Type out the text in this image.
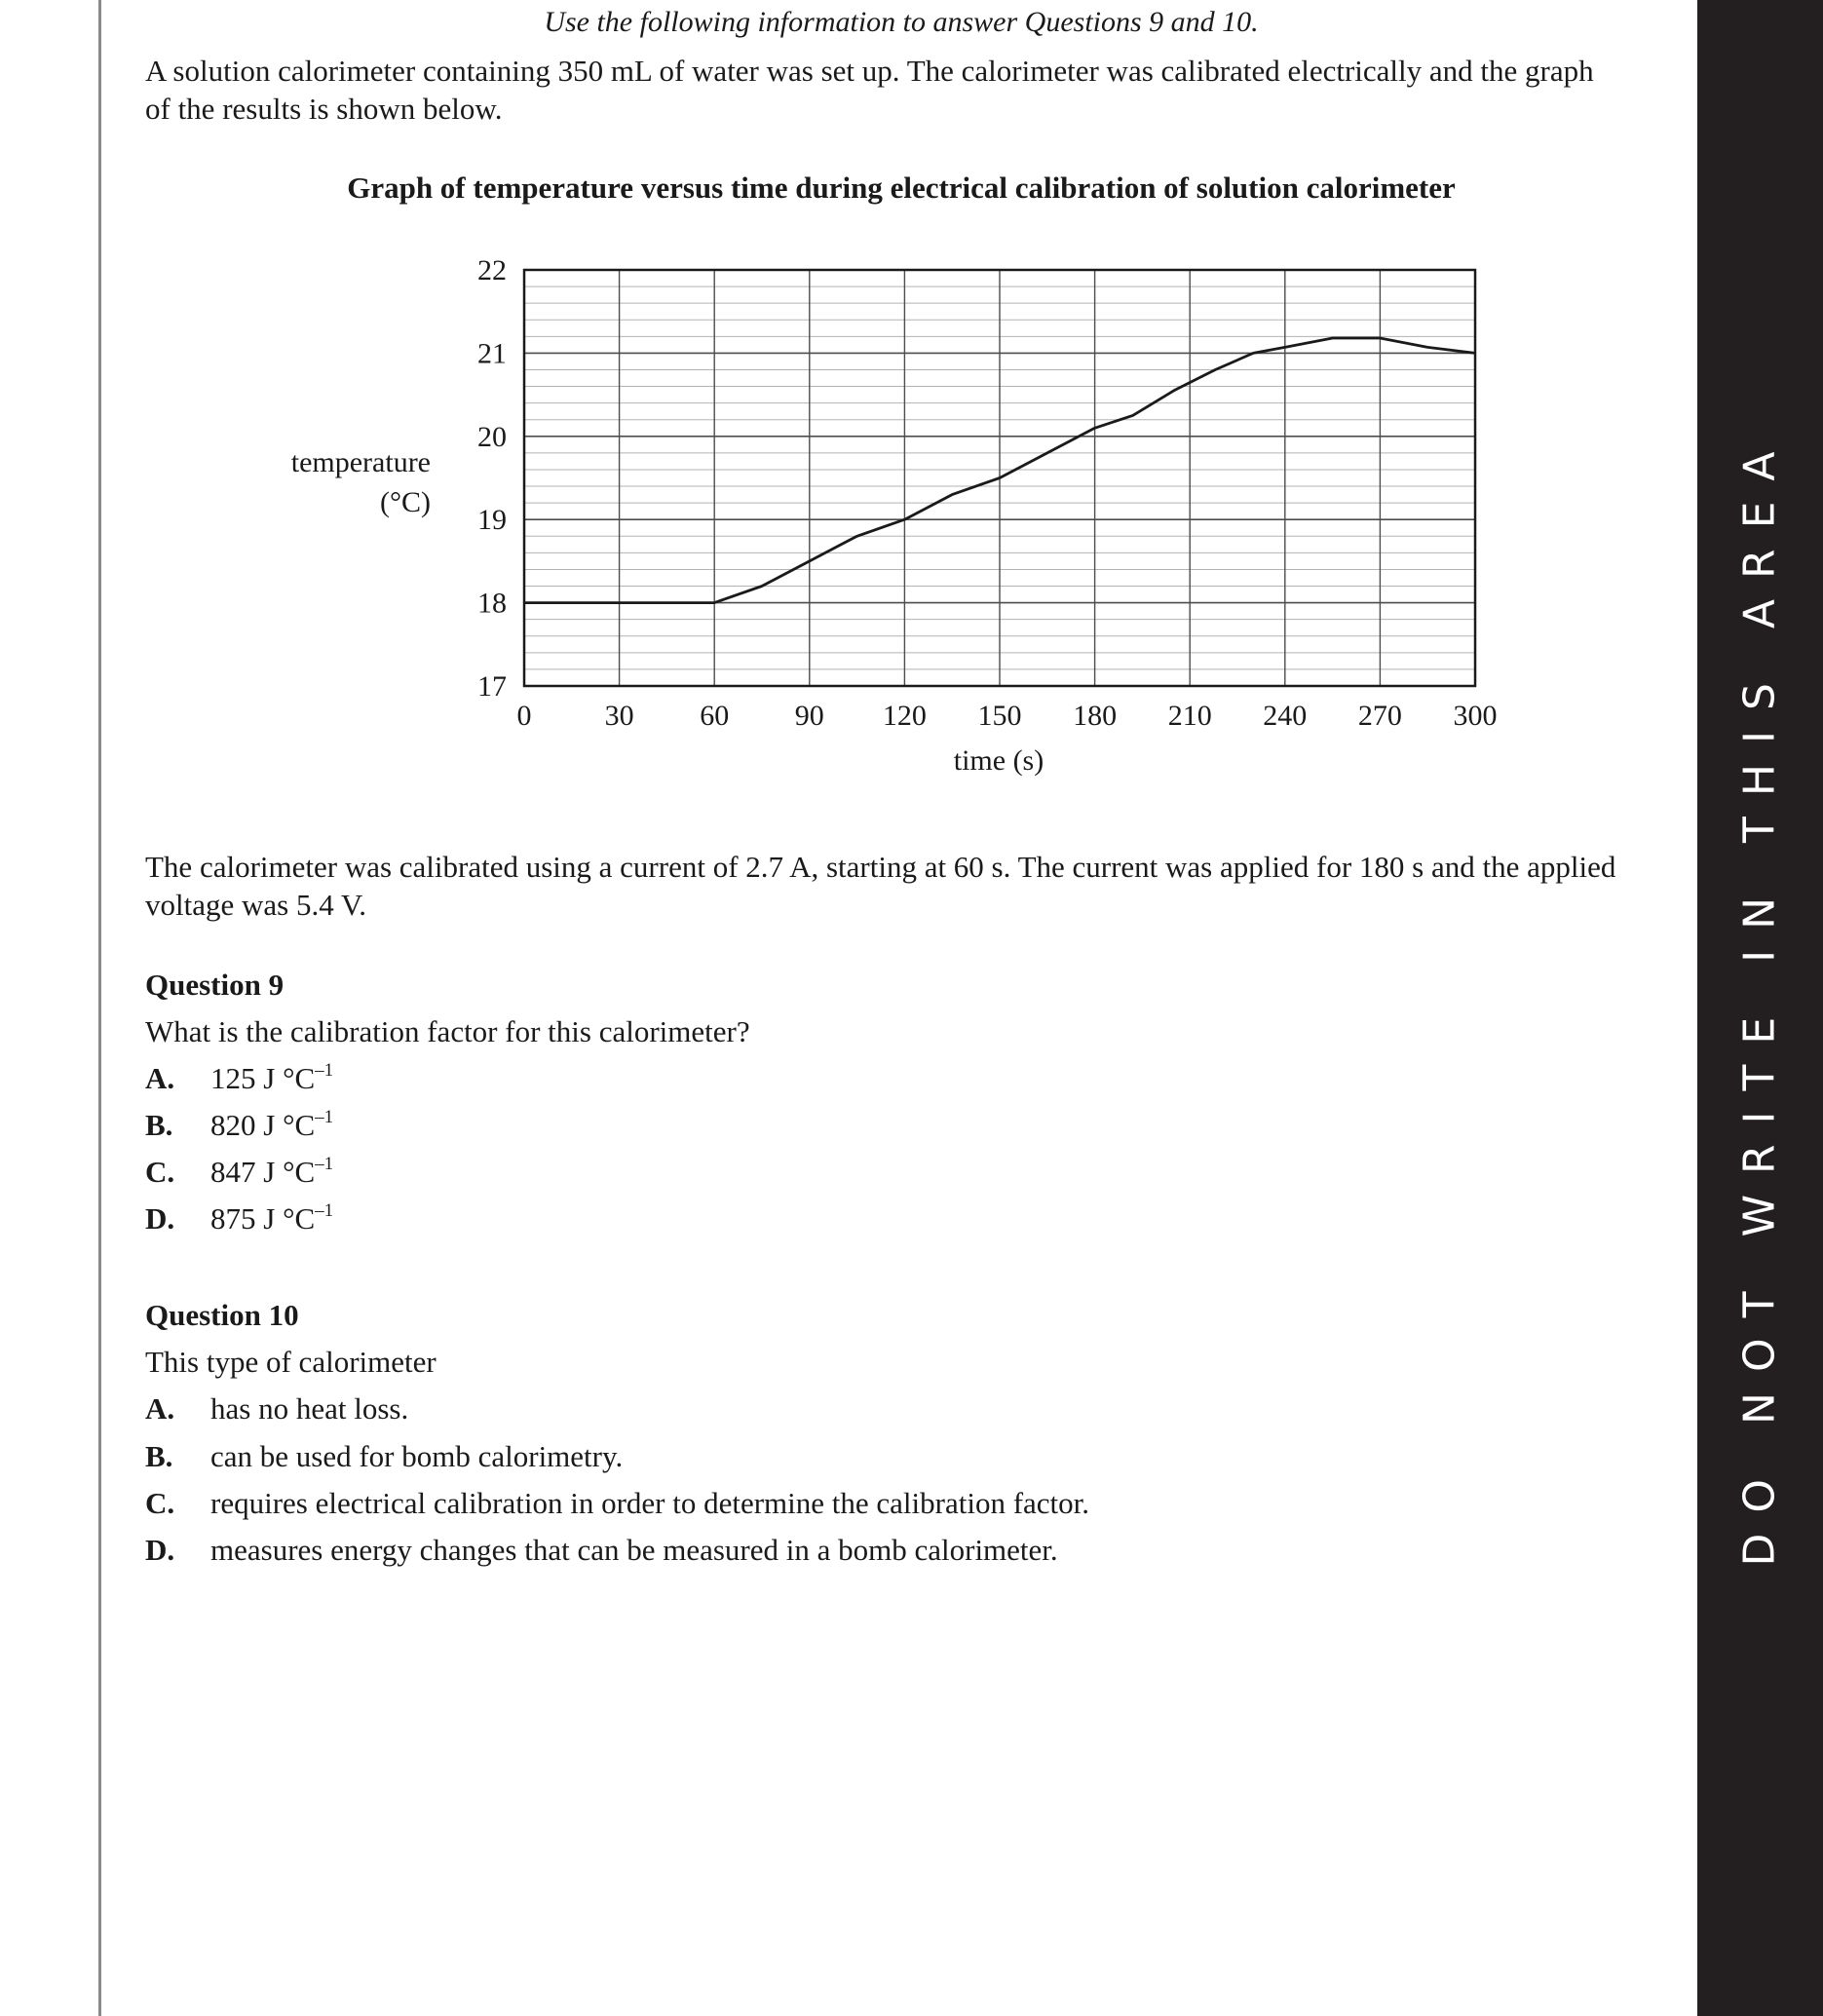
DO NOT WRITE IN THIS AREA
Use the following information to answer Questions 9 and 10.
A solution calorimeter containing 350 mL of water was set up. The calorimeter was calibrated electrically and the graph of the results is shown below.
Graph of temperature versus time during electrical calibration of solution calorimeter
17
18
19
20
21
22
0	30 60 90 120 150 180 210 240 270 300
temperature
(°C)
time (s)
The calorimeter was calibrated using a current of 2.7 A, starting at 60 s. The current was applied for 180 s and the applied voltage was 5.4 V.
Question 9
What is the calibration factor for this calorimeter?
A. 125 J $^\circ C^{-1}$
B. 820 J $^\circ C^{-1}$
C. 847 J $^\circ C^{-1}$
D. 875 J $^\circ C^{-1}$
Question 10
This type of calorimeter
A. has no heat loss.
B. can be used for bomb calorimetry.
C. requires electrical calibration in order to determine the calibration factor.
D. measures energy changes that can be measured in a bomb calorimeter.
